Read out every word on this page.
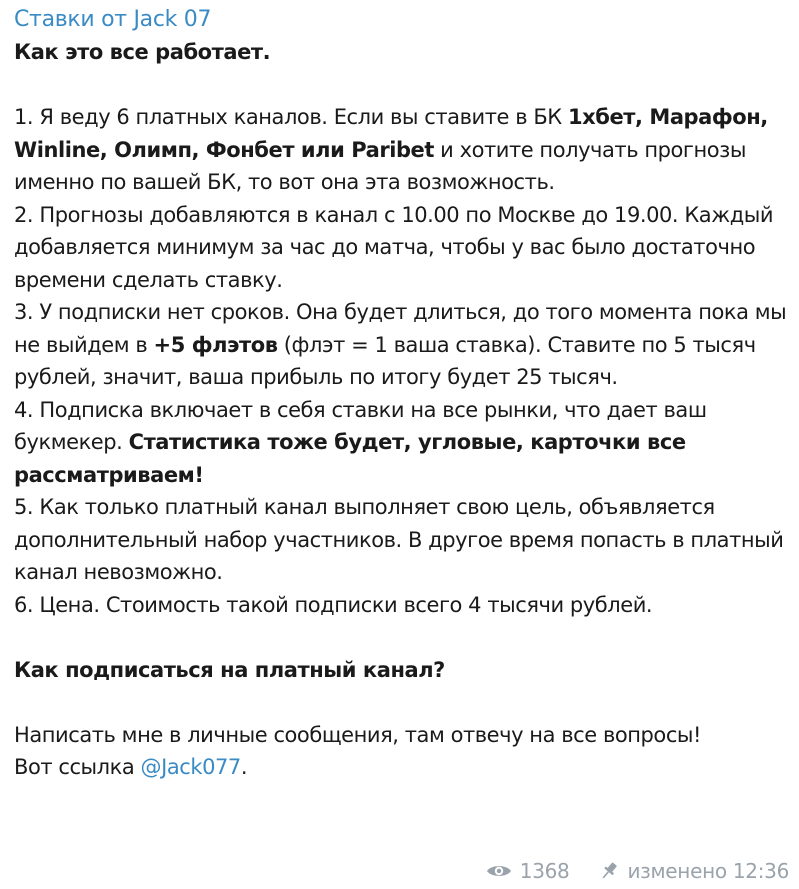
Ставки от Jack 07
Как это все работает.
1. Я веду 6 платных каналов. Если вы ставите в БК 1хбет, Марафон, Winline, Олимп, Фонбет или Paribet и хотите получать прогнозы именно по вашей БК, то вот она эта возможность.
2. Прогнозы добавляются в канал с 10.00 по Москве до 19.00. Каждый добавляется минимум за час до матча, чтобы у вас было достаточно времени сделать ставку.
3. У подписки нет сроков. Она будет длиться, до того момента пока мы не выйдем в +5 флэтов (флэт = 1 ваша ставка). Ставите по 5 тысяч рублей, значит, ваша прибыль по итогу будет 25 тысяч.
4. Подписка включает в себя ставки на все рынки, что дает ваш букмекер. Статистика тоже будет, угловые, карточки все рассматриваем!
5. Как только платный канал выполняет свою цель, объявляется дополнительный набор участников. В другое время попасть в платный канал невозможно.
6. Цена. Стоимость такой подписки всего 4 тысячи рублей.
Как подписаться на платный канал?
Написать мне в личные сообщения, там отвечу на все вопросы!
Вот ссылка @Jack077.
1368	изменено 12:36
